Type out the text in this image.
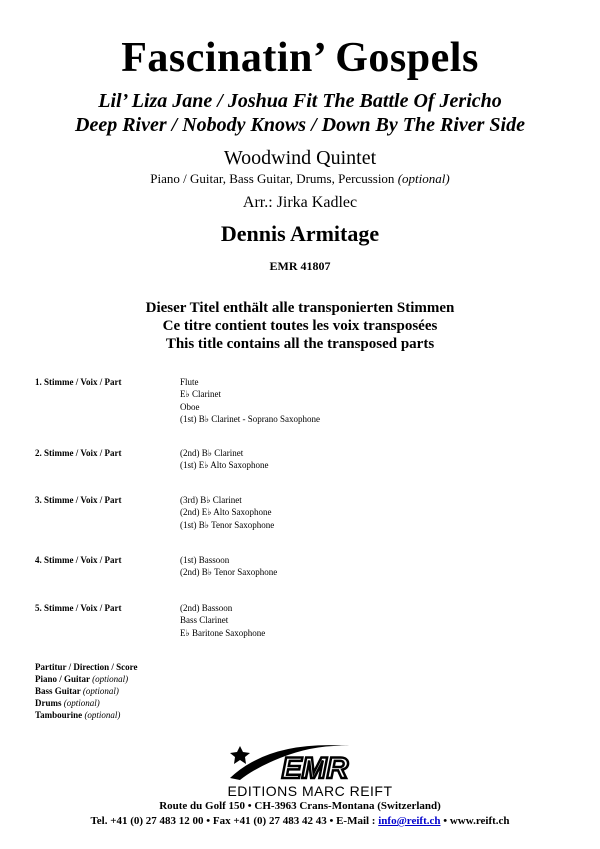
Fascinatin’ Gospels
Lil’ Liza Jane / Joshua Fit The Battle Of Jericho
Deep River / Nobody Knows / Down By The River Side
Woodwind Quintet
Piano / Guitar, Bass Guitar, Drums, Percussion (optional)
Arr.: Jirka Kadlec
Dennis Armitage
EMR 41807
Dieser Titel enthält alle transponierten Stimmen
Ce titre contient toutes les voix transposées
This title contains all the transposed parts
1. Stimme / Voix / Part	Flute
E♭ Clarinet
Oboe
(1st) B♭ Clarinet - Soprano Saxophone
2. Stimme / Voix / Part	(2nd) B♭ Clarinet
(1st) E♭ Alto Saxophone
3. Stimme / Voix / Part	(3rd) B♭ Clarinet
(2nd) E♭ Alto Saxophone
(1st) B♭ Tenor Saxophone
4. Stimme / Voix / Part	(1st) Bassoon
(2nd) B♭ Tenor Saxophone
5. Stimme / Voix / Part	(2nd) Bassoon
Bass Clarinet
E♭ Baritone Saxophone
Partitur / Direction / Score
Piano / Guitar (optional)
Bass Guitar (optional)
Drums (optional)
Tambourine (optional)
EMR
EDITIONS MARC REIFT
Route du Golf 150 • CH-3963 Crans-Montana (Switzerland)
Tel. +41 (0) 27 483 12 00 • Fax +41 (0) 27 483 42 43 • E-Mail : info@reift.ch • www.reift.ch
